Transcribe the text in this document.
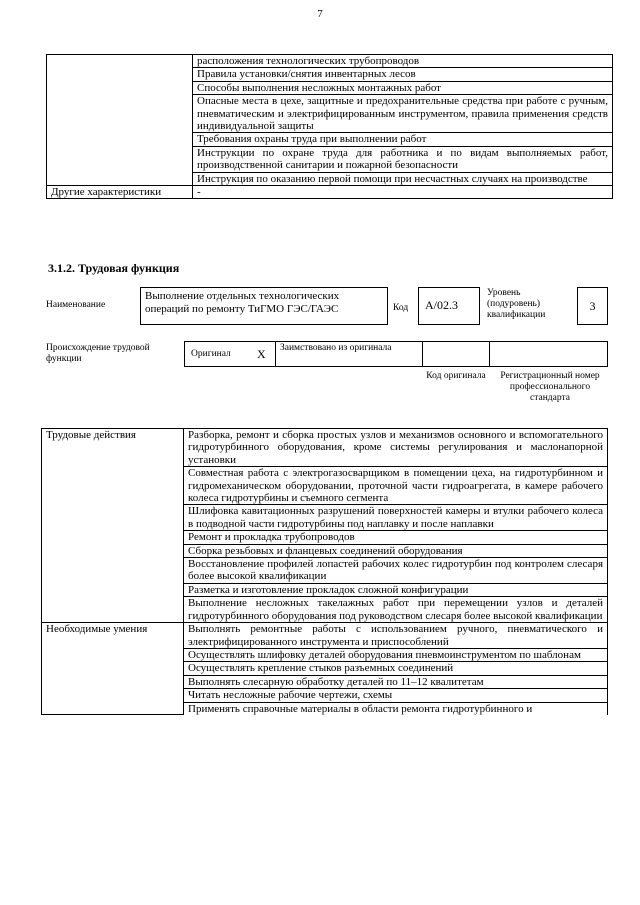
7
	расположения технологических трубопроводов
	Правила установки/снятия инвентарных лесов
	Способы выполнения несложных монтажных работ
	Опасные места в цехе, защитные и предохранительные средства при работе с ручным, пневматическим и электрифицированным инструментом, правила применения средств индивидуальной защиты
	Требования охраны труда при выполнении работ
	Инструкции по охране труда для работника и по видам выполняемых работ, производственной санитарии и пожарной безопасности
	Инструкция по оказанию первой помощи при несчастных случаях на производстве
Другие характеристики	-
3.1.2. Трудовая функция
Наименование
Выполнение отдельных технологических операций по ремонту ТиГМО ГЭС/ГАЭС	Код	А/02.3
Уровень (подуровень) квалификации
3
Происхождение трудовой функции	Оригинал Х	Заимствовано из оригинала
Код оригинала	Регистрационный номер профессионального стандарта
Трудовые действия	Разборка, ремонт и сборка простых узлов и механизмов основного и вспомогательного гидротурбинного оборудования, кроме системы регулирования и маслонапорной установки
	Совместная работа с электрогазосварщиком в помещении цеха, на гидротурбинном и гидромеханическом оборудовании, проточной части гидроагрегата, в камере рабочего колеса гидротурбины и съемного сегмента
	Шлифовка кавитационных разрушений поверхностей камеры и втулки рабочего колеса в подводной части гидротурбины под наплавку и после наплавки
	Ремонт и прокладка трубопроводов
	Сборка резьбовых и фланцевых соединений оборудования
	Восстановление профилей лопастей рабочих колес гидротурбин под контролем слесаря более высокой квалификации
	Разметка и изготовление прокладок сложной конфигурации
	Выполнение несложных такелажных работ при перемещении узлов и деталей гидротурбинного оборудования под руководством слесаря более высокой квалификации
Необходимые умения	Выполнять ремонтные работы с использованием ручного, пневматического и электрифицированного инструмента и приспособлений
	Осуществлять шлифовку деталей оборудования пневмоинструментом по шаблонам
	Осуществлять крепление стыков разъемных соединений
	Выполнять слесарную обработку деталей по 11–12 квалитетам
	Читать несложные рабочие чертежи, схемы
	Применять справочные материалы в области ремонта гидротурбинного и
